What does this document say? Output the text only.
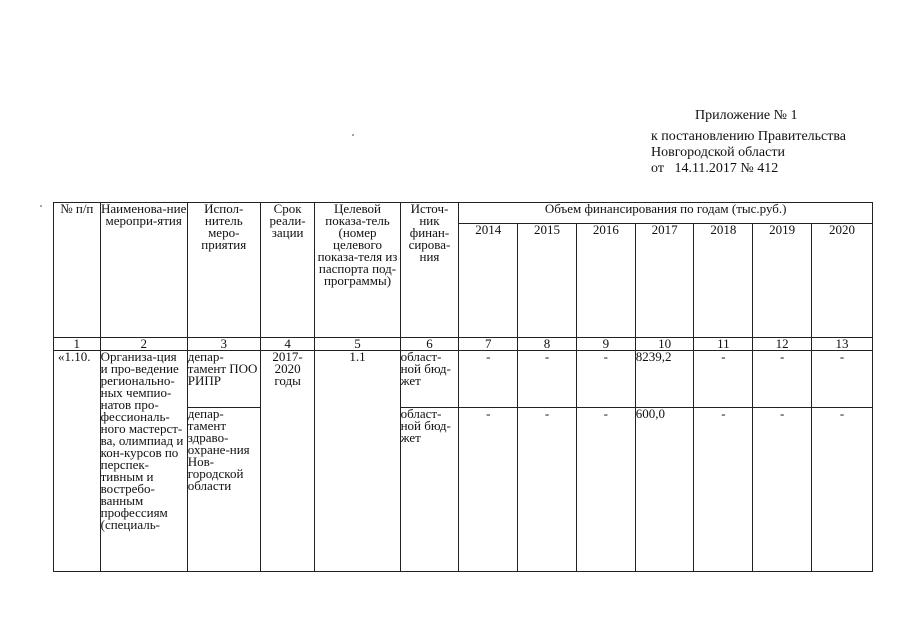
Приложение № 1
к постановлению Правительства
Новгородской области
от 14.11.2017 № 412
№ п/п	Наименова-ние меропри-ятия	Испол-нитель меро-приятия	Срок реали-зации	Целевой показа-тель (номер целевого показа-теля из паспорта под-программы)	Источ-ник финан-сирова-ния	Объем финансирования по годам (тыс.руб.)						
						2014	2015	2016	2017	2018	2019	2020
1	2	3	4	5	6	7	8	9	10	11	12	13
«1.10.	Организа-ция и про-ведение регионально-ных чемпио-натов про-фессиональ-ного мастерст-ва, олимпиад и кон-курсов по перспек-тивным и востребо-ванным профессиям (специаль-	депар-тамент ПОО РИПР	2017-2020 годы	1.1	област-ной бюд-жет	-	-	-	8239,2	-	-	-
		депар-тамент здраво-охране-ния Нов-городской области			област-ной бюд-жет	-	-	-	600,0	-	-	-
